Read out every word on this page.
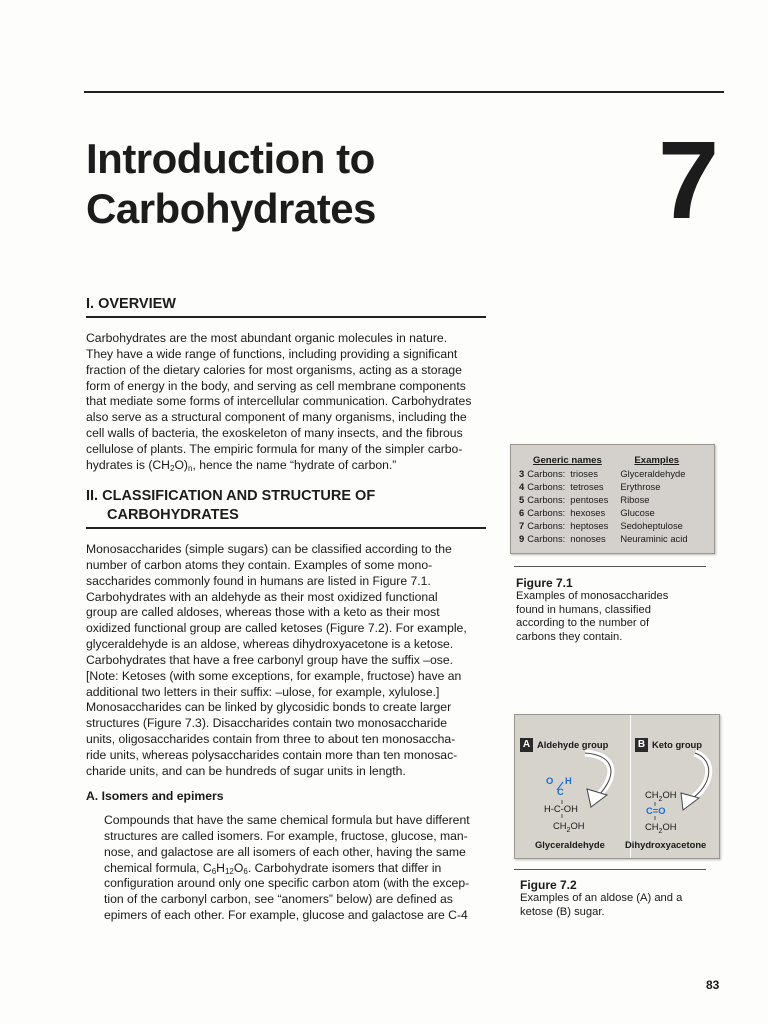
Introduction to
Carbohydrates	7
I. OVERVIEW
Carbohydrates are the most abundant organic molecules in nature.
They have a wide range of functions, including providing a significant
fraction of the dietary calories for most organisms, acting as a storage
form of energy in the body, and serving as cell membrane components
that mediate some forms of intercellular communication. Carbohydrates
also serve as a structural component of many organisms, including the
cell walls of bacteria, the exoskeleton of many insects, and the fibrous
cellulose of plants. The empiric formula for many of the simpler carbo-
hydrates is $(CH_2O)_n$, hence the name “hydrate of carbon.”
II. CLASSIFICATION AND STRUCTURE OF
CARBOHYDRATES
Monosaccharides (simple sugars) can be classified according to the
number of carbon atoms they contain. Examples of some mono-
saccharides commonly found in humans are listed in Figure 7.1.
Carbohydrates with an aldehyde as their most oxidized functional
group are called aldoses, whereas those with a keto as their most
oxidized functional group are called ketoses (Figure 7.2). For example,
glyceraldehyde is an aldose, whereas dihydroxyacetone is a ketose.
Carbohydrates that have a free carbonyl group have the suffix –ose.
[Note: Ketoses (with some exceptions, for example, fructose) have an
additional two letters in their suffix: –ulose, for example, xylulose.]
Monosaccharides can be linked by glycosidic bonds to create larger
structures (Figure 7.3). Disaccharides contain two monosaccharide
units, oligosaccharides contain from three to about ten monosaccha-
ride units, whereas polysaccharides contain more than ten monosac-
charide units, and can be hundreds of sugar units in length.
A. Isomers and epimers
Compounds that have the same chemical formula but have different
structures are called isomers. For example, fructose, glucose, man-
nose, and galactose are all isomers of each other, having the same
chemical formula, $C_6H_{12}O_6$. Carbohydrate isomers that differ in
configuration around only one specific carbon atom (with the excep-
tion of the carbonyl carbon, see “anomers” below) are defined as
epimers of each other. For example, glucose and galactose are C-4
Generic names			Examples
3	Carbons:	trioses	Glyceraldehyde
4	Carbons:	tetroses	Erythrose
5	Carbons:	pentoses	Ribose
6	Carbons:	hexoses	Glucose
7	Carbons:	heptoses	Sedoheptulose
9	Carbons:	nonoses	Neuraminic acid
Figure 7.1
Examples of monosaccharides
found in humans, classified
according to the number of
carbons they contain.
A Aldehyde group	B Keto group
O H
C
H-C-OH
$CH_2OH$
$CH_2OH$
C=O
$CH_2OH$
Glyceraldehyde Dihydroxyacetone
Figure 7.2
Examples of an aldose (A) and a
ketose (B) sugar.
83
